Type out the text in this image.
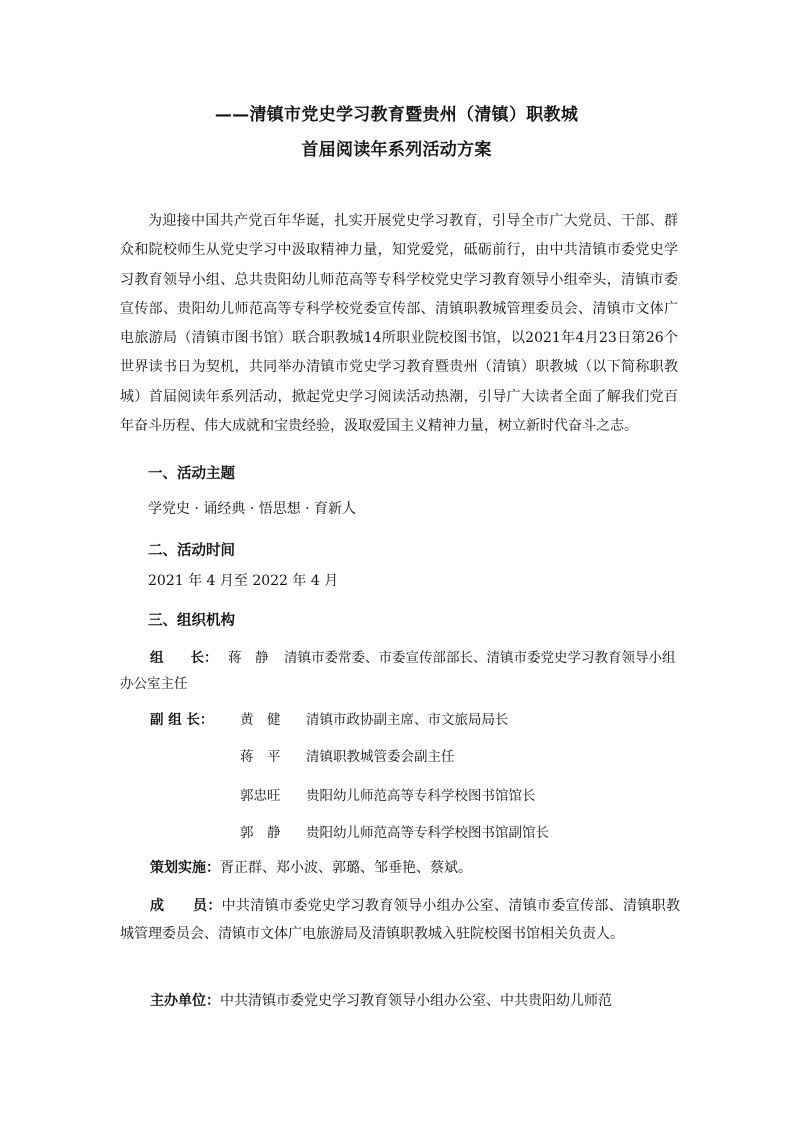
——清镇市党史学习教育暨贵州（清镇）职教城
首届阅读年系列活动方案

为迎接中国共产党百年华诞，扎实开展党史学习教育，引导全市广大党员、干部、群众和院校师生从党史学习中汲取精神力量，知党爱党，砥砺前行，由中共清镇市委党史学习教育领导小组、总共贵阳幼儿师范高等专科学校党史学习教育领导小组牵头，清镇市委宣传部、贵阳幼儿师范高等专科学校党委宣传部、清镇职教城管理委员会、清镇市文体广电旅游局（清镇市图书馆）联合职教城14所职业院校图书馆，以2021年4月23日第26个世界读书日为契机，共同举办清镇市党史学习教育暨贵州（清镇）职教城（以下简称职教城）首届阅读年系列活动，掀起党史学习阅读活动热潮，引导广大读者全面了解我们党百年奋斗历程、伟大成就和宝贵经验，汲取爱国主义精神力量，树立新时代奋斗之志。

一、活动主题
学党史 · 诵经典 · 悟思想 · 育新人
二、活动时间
2021 年 4 月至 2022 年 4 月
三、组织机构
组　　长： 蒋　静 清镇市委常委、市委宣传部部长、清镇市委党史学习教育领导小组办公室主任
副 组 长： 黄　健 清镇市政协副主席、市文旅局局长
蒋　平 清镇职教城管委会副主任
郭忠旺 贵阳幼儿师范高等专科学校图书馆馆长
郭　静 贵阳幼儿师范高等专科学校图书馆副馆长
策划实施：胥正群、郑小波、郭璐、邹垂艳、蔡斌。

成　　员：中共清镇市委党史学习教育领导小组办公室、清镇市委宣传部、清镇职教城管理委员会、清镇市文体广电旅游局及清镇职教城入驻院校图书馆相关负责人。

主办单位：中共清镇市委党史学习教育领导小组办公室、中共贵阳幼儿师范
